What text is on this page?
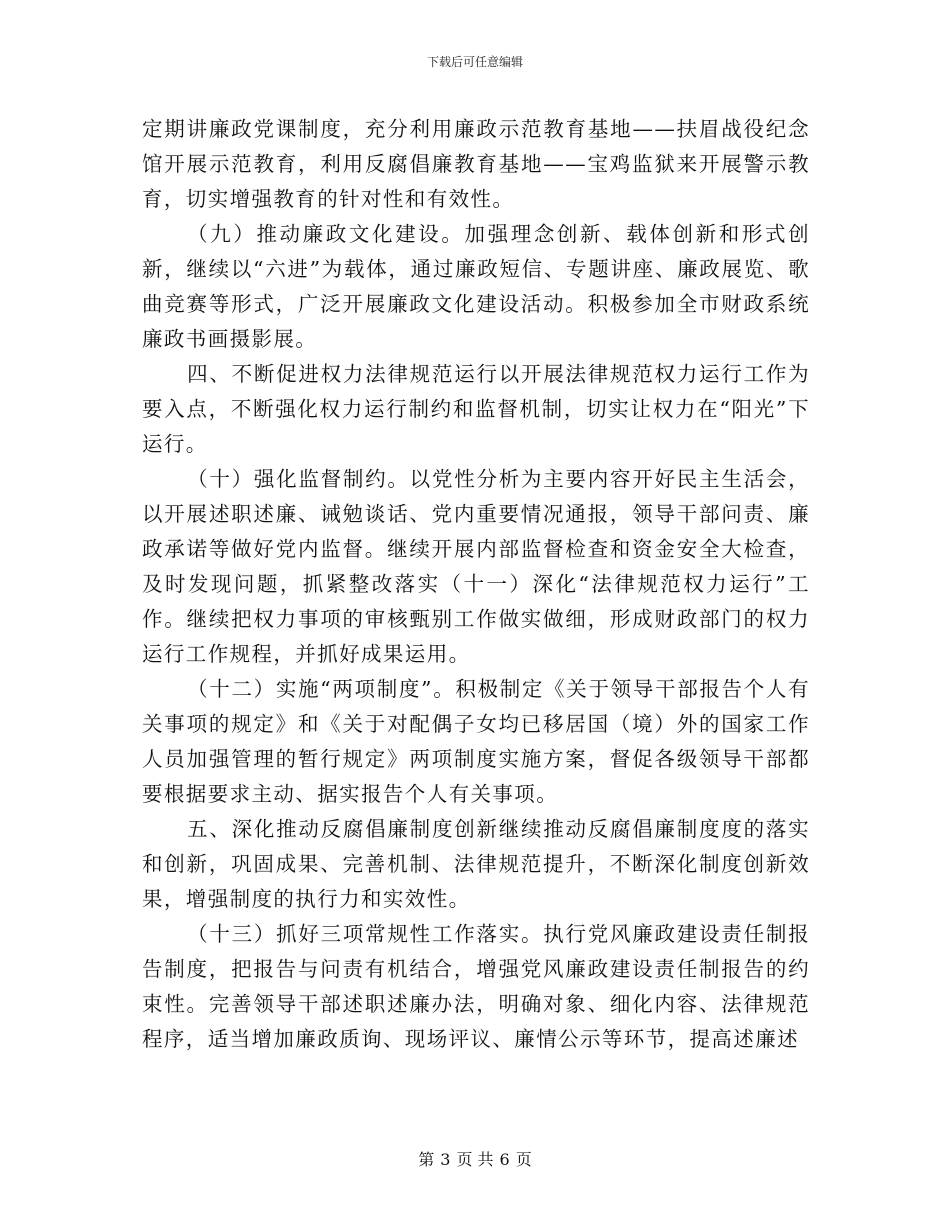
下载后可任意编辑

定期讲廉政党课制度，充分利用廉政示范教育基地——扶眉战役纪念馆开展示范教育，利用反腐倡廉教育基地——宝鸡监狱来开展警示教育，切实增强教育的针对性和有效性。

（九）推动廉政文化建设。加强理念创新、载体创新和形式创新，继续以“六进”为载体，通过廉政短信、专题讲座、廉政展览、歌曲竞赛等形式，广泛开展廉政文化建设活动。积极参加全市财政系统廉政书画摄影展。

四、不断促进权力法律规范运行以开展法律规范权力运行工作为要入点，不断强化权力运行制约和监督机制，切实让权力在“阳光”下运行。

（十）强化监督制约。以党性分析为主要内容开好民主生活会，以开展述职述廉、诫勉谈话、党内重要情况通报，领导干部问责、廉政承诺等做好党内监督。继续开展内部监督检查和资金安全大检查，及时发现问题，抓紧整改落实（十一）深化“法律规范权力运行”工作。继续把权力事项的审核甄别工作做实做细，形成财政部门的权力运行工作规程，并抓好成果运用。

（十二）实施“两项制度”。积极制定《关于领导干部报告个人有关事项的规定》和《关于对配偶子女均已移居国（境）外的国家工作人员加强管理的暂行规定》两项制度实施方案，督促各级领导干部都要根据要求主动、据实报告个人有关事项。

五、深化推动反腐倡廉制度创新继续推动反腐倡廉制度度的落实和创新，巩固成果、完善机制、法律规范提升，不断深化制度创新效果，增强制度的执行力和实效性。

（十三）抓好三项常规性工作落实。执行党风廉政建设责任制报告制度，把报告与问责有机结合，增强党风廉政建设责任制报告的约束性。完善领导干部述职述廉办法，明确对象、细化内容、法律规范程序，适当增加廉政质询、现场评议、廉情公示等环节，提高述廉述

第 3 页 共 6 页
